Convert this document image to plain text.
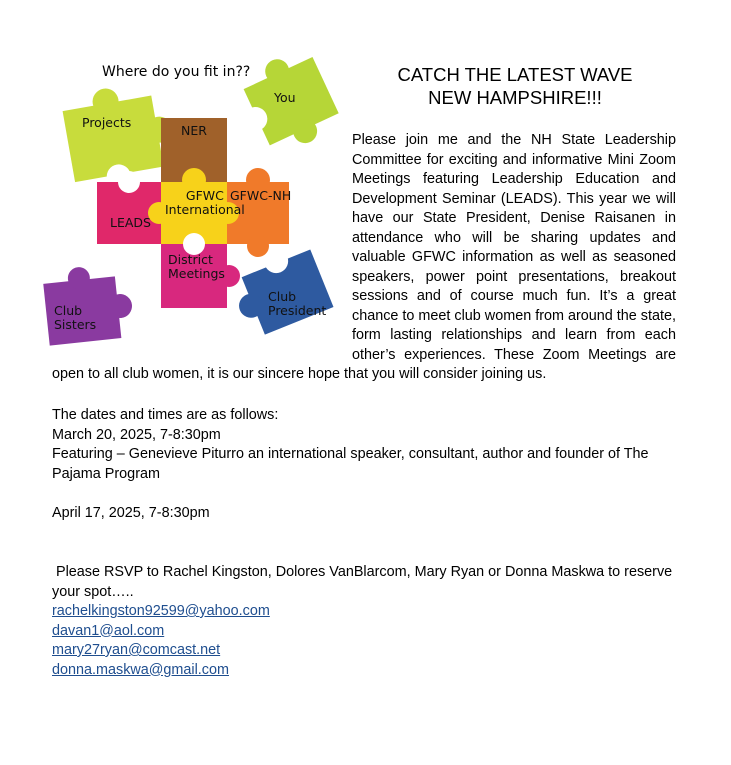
Where do you fit in??
Projects
You
NER
GFWC
International
GFWC-NH
LEADS
District
Meetings
Club
Sisters
Club
President
CATCH THE LATEST WAVE
NEW HAMPSHIRE!!!
Please join me and the NH State Leadership Committee for exciting and informative Mini Zoom Meetings featuring Leadership Education and Development Seminar (LEADS). This year we will have our State President, Denise Raisanen in attendance who will be sharing updates and valuable GFWC information as well as seasoned speakers, power point presentations, breakout sessions and of course much fun. It’s a great chance to meet club women from around the state, form lasting relationships and learn from each other’s experiences. These Zoom Meetings are open to all club women, it is our sincere hope that you will consider joining us.
The dates and times are as follows:
March 20, 2025, 7-8:30pm
Featuring – Genevieve Piturro an international speaker, consultant, author and founder of The
Pajama Program
April 17, 2025, 7-8:30pm
Please RSVP to Rachel Kingston, Dolores VanBlarcom, Mary Ryan or Donna Maskwa to reserve
your spot…..
rachelkingston92599@yahoo.com
davan1@aol.com
mary27ryan@comcast.net
donna.maskwa@gmail.com
